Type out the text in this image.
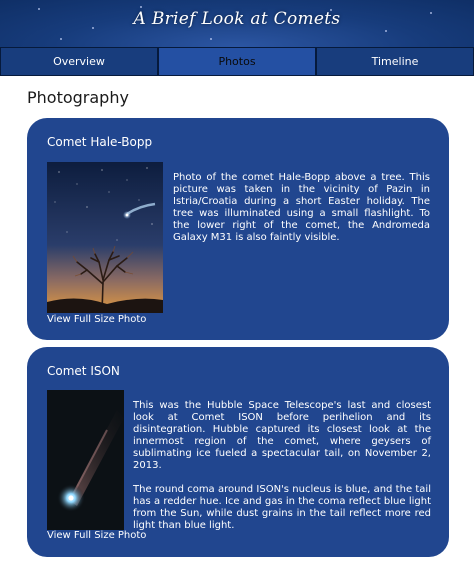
A Brief Look at Comets
Overview	Photos	Timeline
Photography
Comet Hale-Bopp

Photo of the comet Hale-Bopp above a tree. This picture was taken in the vicinity of Pazin in Istria/Croatia during a short Easter holiday. The tree was illuminated using a small flashlight. To the lower right of the comet, the Andromeda Galaxy M31 is also faintly visible.

View Full Size Photo
Comet ISON

This was the Hubble Space Telescope's last and closest look at Comet ISON before perihelion and its disintegration. Hubble captured its closest look at the innermost region of the comet, where geysers of sublimating ice fueled a spectacular tail, on November 2, 2013.

The round coma around ISON's nucleus is blue, and the tail has a redder hue. Ice and gas in the coma reflect blue light from the Sun, while dust grains in the tail reflect more red light than blue light.

View Full Size Photo
